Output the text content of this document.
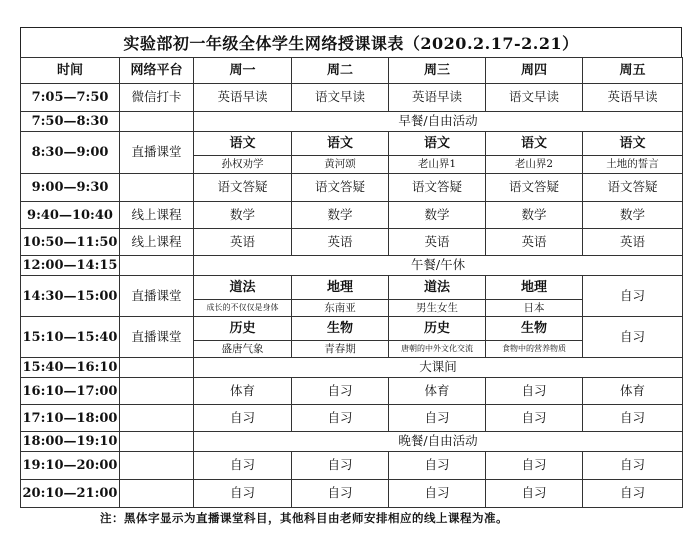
实验部初一年级全体学生网络授课课表（2020.2.17-2.21）
时间	网络平台	周一	周二	周三	周四	周五
7:05—7:50	微信打卡	英语早读	语文早读	英语早读	语文早读	英语早读
7:50—8:30		早餐/自由活动				
8:30—9:00	直播课堂	语文	语文	语文	语文	语文
		孙权劝学	黄河颂	老山界1	老山界2	土地的誓言
9:00—9:30		语文答疑	语文答疑	语文答疑	语文答疑	语文答疑
9:40—10:40	线上课程	数学	数学	数学	数学	数学
10:50—11:50	线上课程	英语	英语	英语	英语	英语
12:00—14:15		午餐/午休				
14:30—15:00	直播课堂	道法	地理	道法	地理	自习
		成长的不仅仅是身体	东南亚	男生女生	日本	
15:10—15:40	直播课堂	历史	生物	历史	生物	自习
		盛唐气象	青春期	唐朝的中外文化交流	食物中的营养物质	
15:40—16:10		大课间				
16:10—17:00		体育	自习	体育	自习	体育
17:10—18:00		自习	自习	自习	自习	自习
18:00—19:10		晚餐/自由活动				
19:10—20:00		自习	自习	自习	自习	自习
20:10—21:00		自习	自习	自习	自习	自习
注：黑体字显示为直播课堂科目，其他科目由老师安排相应的线上课程为准。
